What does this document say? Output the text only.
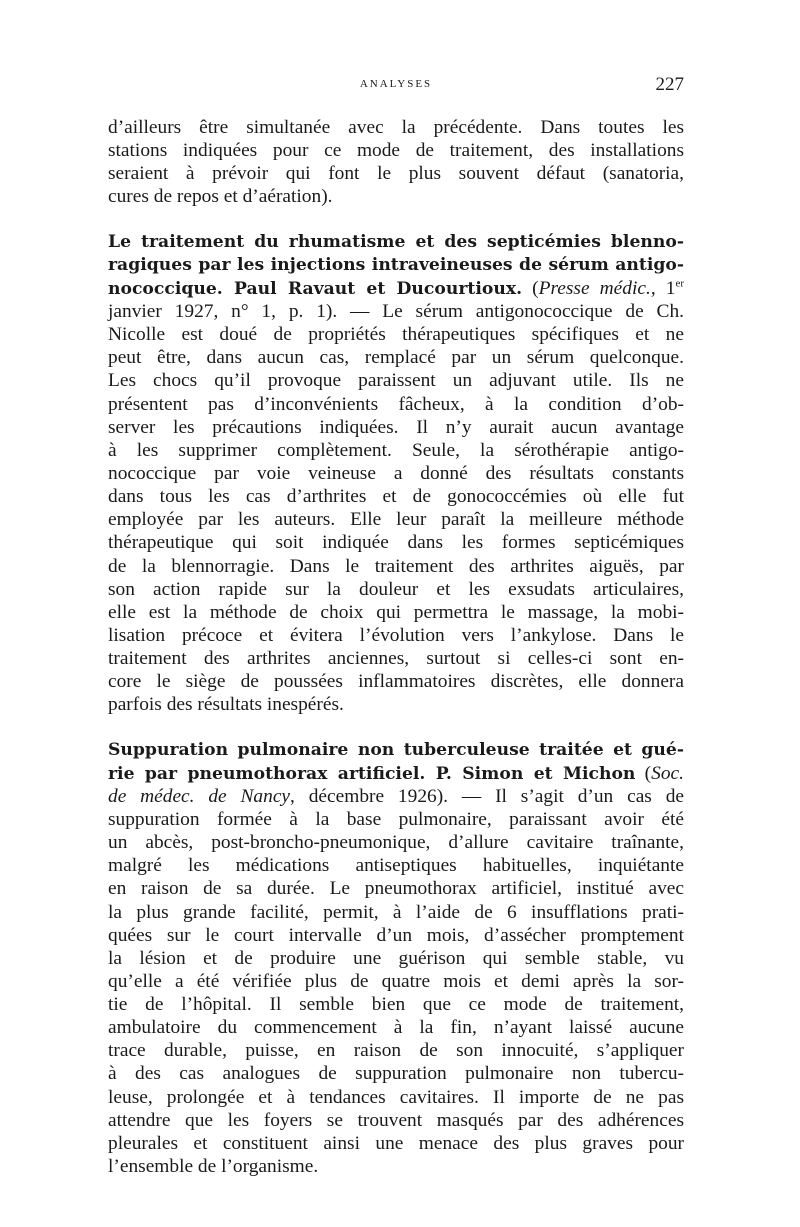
ANALYSES	227
d’ailleurs être simultanée avec la précédente. Dans toutes les
stations indiquées pour ce mode de traitement, des installations
seraient à prévoir qui font le plus souvent défaut (sanatoria,
cures de repos et d’aération).
Le traitement du rhumatisme et des septicémies blenno-
ragiques par les injections intraveineuses de sérum antigo-
nococcique. Paul Ravaut et Ducourtioux. (Presse médic., 1er
janvier 1927, n° 1, p. 1). — Le sérum antigonococcique de Ch.
Nicolle est doué de propriétés thérapeutiques spécifiques et ne
peut être, dans aucun cas, remplacé par un sérum quelconque.
Les chocs qu’il provoque paraissent un adjuvant utile. Ils ne
présentent pas d’inconvénients fâcheux, à la condition d’ob-
server les précautions indiquées. Il n’y aurait aucun avantage
à les supprimer complètement. Seule, la sérothérapie antigo-
nococcique par voie veineuse a donné des résultats constants
dans tous les cas d’arthrites et de gonococcémies où elle fut
employée par les auteurs. Elle leur paraît la meilleure méthode
thérapeutique qui soit indiquée dans les formes septicémiques
de la blennorragie. Dans le traitement des arthrites aiguës, par
son action rapide sur la douleur et les exsudats articulaires,
elle est la méthode de choix qui permettra le massage, la mobi-
lisation précoce et évitera l’évolution vers l’ankylose. Dans le
traitement des arthrites anciennes, surtout si celles-ci sont en-
core le siège de poussées inflammatoires discrètes, elle donnera
parfois des résultats inespérés.
Suppuration pulmonaire non tuberculeuse traitée et gué-
rie par pneumothorax artificiel. P. Simon et Michon (Soc.
de médec. de Nancy, décembre 1926). — Il s’agit d’un cas de
suppuration formée à la base pulmonaire, paraissant avoir été
un abcès, post-broncho-pneumonique, d’allure cavitaire traînante,
malgré les médications antiseptiques habituelles, inquiétante
en raison de sa durée. Le pneumothorax artificiel, institué avec
la plus grande facilité, permit, à l’aide de 6 insufflations prati-
quées sur le court intervalle d’un mois, d’assécher promptement
la lésion et de produire une guérison qui semble stable, vu
qu’elle a été vérifiée plus de quatre mois et demi après la sor-
tie de l’hôpital. Il semble bien que ce mode de traitement,
ambulatoire du commencement à la fin, n’ayant laissé aucune
trace durable, puisse, en raison de son innocuité, s’appliquer
à des cas analogues de suppuration pulmonaire non tubercu-
leuse, prolongée et à tendances cavitaires. Il importe de ne pas
attendre que les foyers se trouvent masqués par des adhérences
pleurales et constituent ainsi une menace des plus graves pour
l’ensemble de l’organisme.
